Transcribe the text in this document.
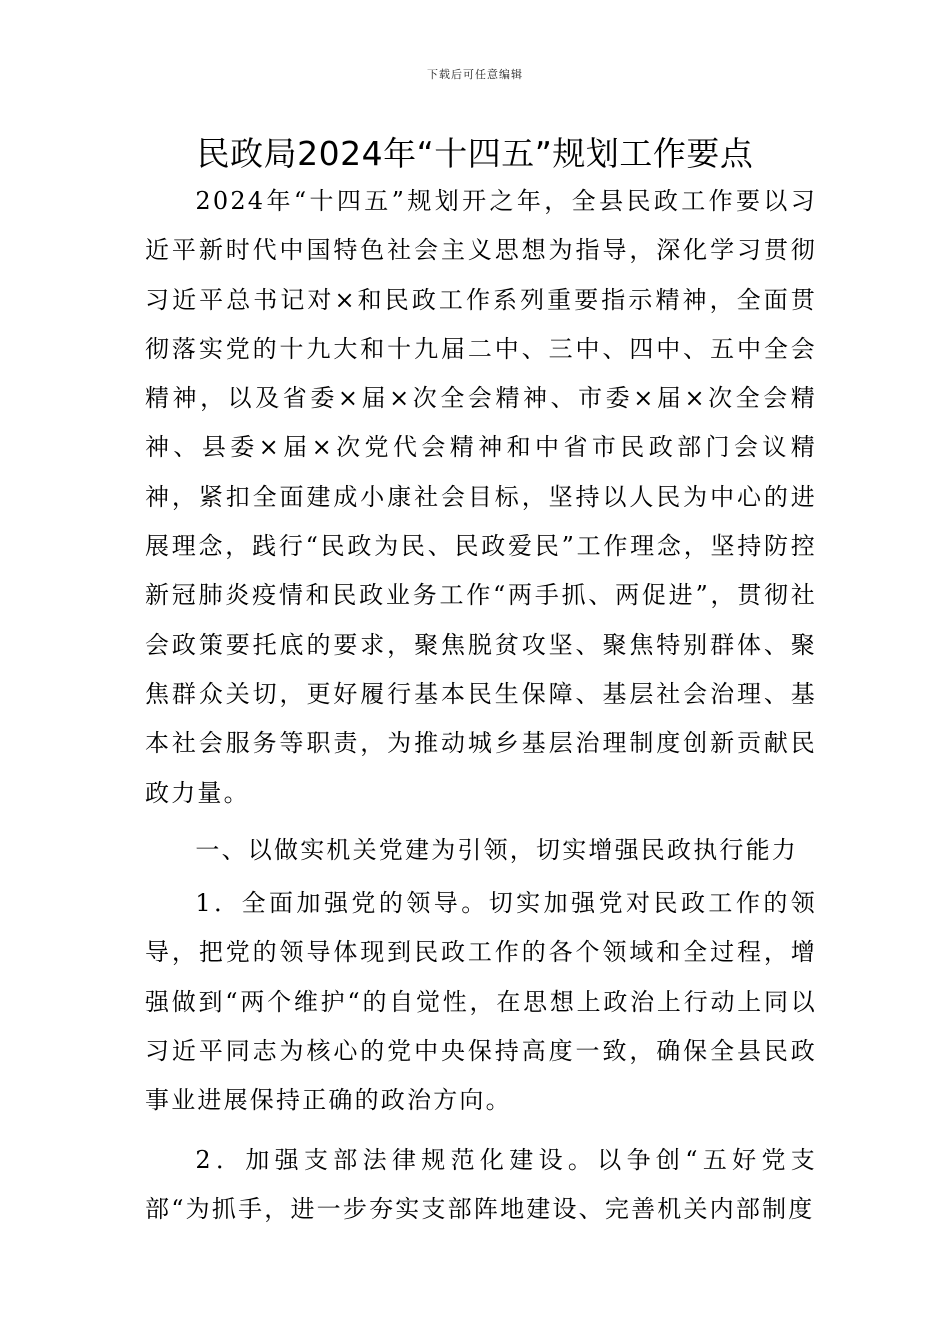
下载后可任意编辑
民政局2024年“十四五”规划工作要点

2024年“十四五”规划开之年，全县民政工作要以习近平新时代中国特色社会主义思想为指导，深化学习贯彻习近平总书记对×和民政工作系列重要指示精神，全面贯彻落实党的十九大和十九届二中、三中、四中、五中全会精神，以及省委×届×次全会精神、市委×届×次全会精神、县委×届×次党代会精神和中省市民政部门会议精神，紧扣全面建成小康社会目标，坚持以人民为中心的进展理念，践行“民政为民、民政爱民”工作理念，坚持防控新冠肺炎疫情和民政业务工作“两手抓、两促进”，贯彻社会政策要托底的要求，聚焦脱贫攻坚、聚焦特别群体、聚焦群众关切，更好履行基本民生保障、基层社会治理、基本社会服务等职责，为推动城乡基层治理制度创新贡献民政力量。

一、以做实机关党建为引领，切实增强民政执行能力

1．全面加强党的领导。切实加强党对民政工作的领导，把党的领导体现到民政工作的各个领域和全过程，增强做到“两个维护“的自觉性，在思想上政治上行动上同以习近平同志为核心的党中央保持高度一致，确保全县民政事业进展保持正确的政治方向。

2．加强支部法律规范化建设。以争创“五好党支部“为抓手，进一步夯实支部阵地建设、完善机关内部制度
